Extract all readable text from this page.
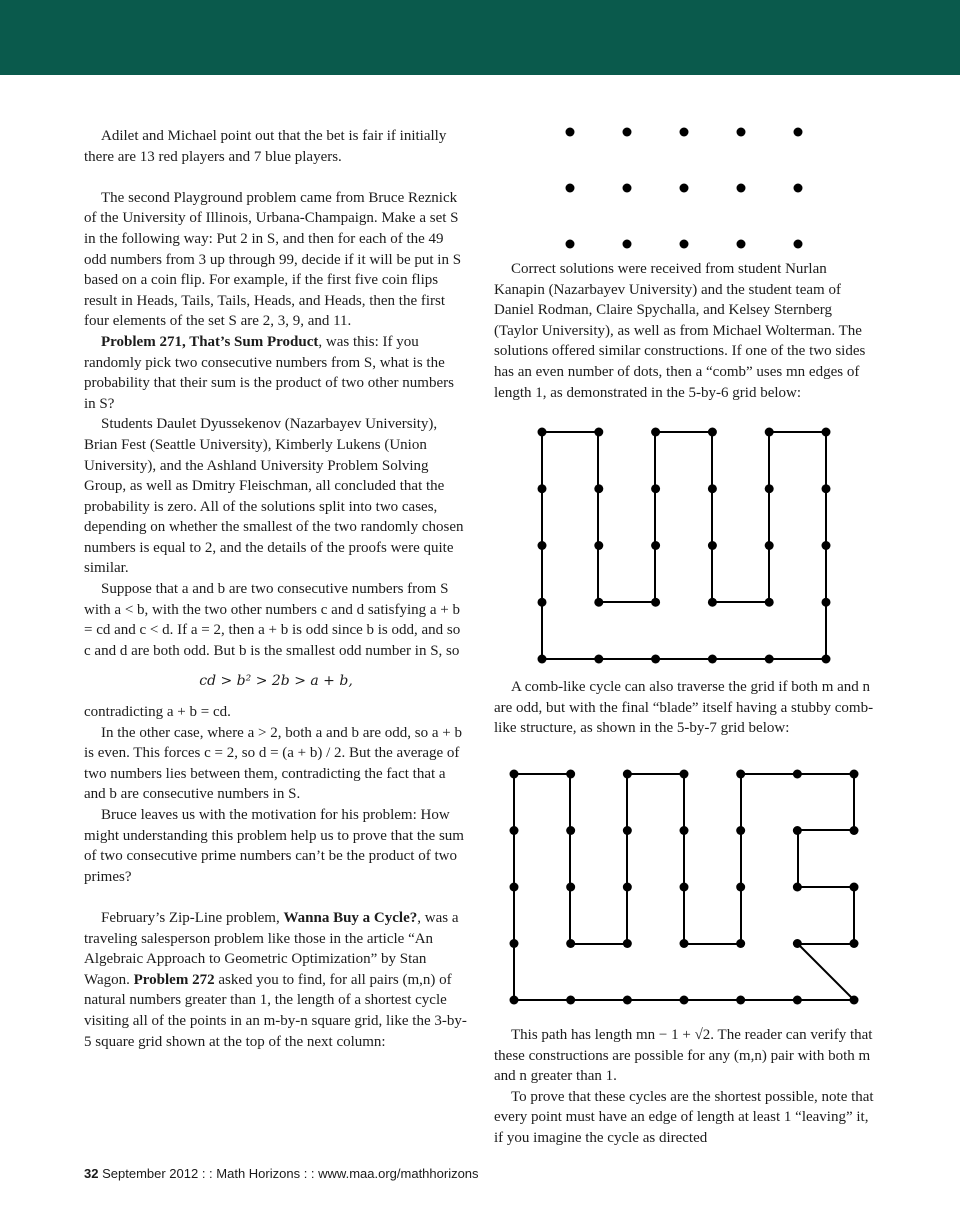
Adilet and Michael point out that the bet is fair if initially there are 13 red players and 7 blue players.

The second Playground problem came from Bruce Reznick of the University of Illinois, Urbana-Champaign. Make a set S in the following way: Put 2 in S, and then for each of the 49 odd numbers from 3 up through 99, decide if it will be put in S based on a coin flip. For example, if the first five coin flips result in Heads, Tails, Tails, Heads, and Heads, then the first four elements of the set S are 2, 3, 9, and 11.

Problem 271, That’s Sum Product, was this: If you randomly pick two consecutive numbers from S, what is the probability that their sum is the product of two other numbers in S?

Students Daulet Dyussekenov (Nazarbayev University), Brian Fest (Seattle University), Kimberly Lukens (Union University), and the Ashland University Problem Solving Group, as well as Dmitry Fleischman, all concluded that the probability is zero. All of the solutions split into two cases, depending on whether the smallest of the two randomly chosen numbers is equal to 2, and the details of the proofs were quite similar.

Suppose that a and b are two consecutive numbers from S with a < b, with the two other numbers c and d satisfying a + b = cd and c < d. If a = 2, then a + b is odd since b is odd, and so c and d are both odd. But b is the smallest odd number in S, so

cd > b² > 2b > a + b,

contradicting a + b = cd.

In the other case, where a > 2, both a and b are odd, so a + b is even. This forces c = 2, so d = (a + b) / 2. But the average of two numbers lies between them, contradicting the fact that a and b are consecutive numbers in S.

Bruce leaves us with the motivation for his problem: How might understanding this problem help us to prove that the sum of two consecutive prime numbers can’t be the product of two primes?

February’s Zip-Line problem, Wanna Buy a Cycle?, was a traveling salesperson problem like those in the article “An Algebraic Approach to Geometric Optimization” by Stan Wagon. Problem 272 asked you to find, for all pairs (m,n) of natural numbers greater than 1, the length of a shortest cycle visiting all of the points in an m-by-n square grid, like the 3-by-5 square grid shown at the top of the next column:

Correct solutions were received from student Nurlan Kanapin (Nazarbayev University) and the student team of Daniel Rodman, Claire Spychalla, and Kelsey Sternberg (Taylor University), as well as from Michael Wolterman. The solutions offered similar constructions. If one of the two sides has an even number of dots, then a “comb” uses mn edges of length 1, as demonstrated in the 5-by-6 grid below:

A comb-like cycle can also traverse the grid if both m and n are odd, but with the final “blade” itself having a stubby comb-like structure, as shown in the 5-by-7 grid below:

This path has length mn − 1 + √2. The reader can verify that these constructions are possible for any (m,n) pair with both m and n greater than 1.

To prove that these cycles are the shortest possible, note that every point must have an edge of length at least 1 “leaving” it, if you imagine the cycle as directed

32 September 2012 : : Math Horizons : : www.maa.org/mathhorizons
